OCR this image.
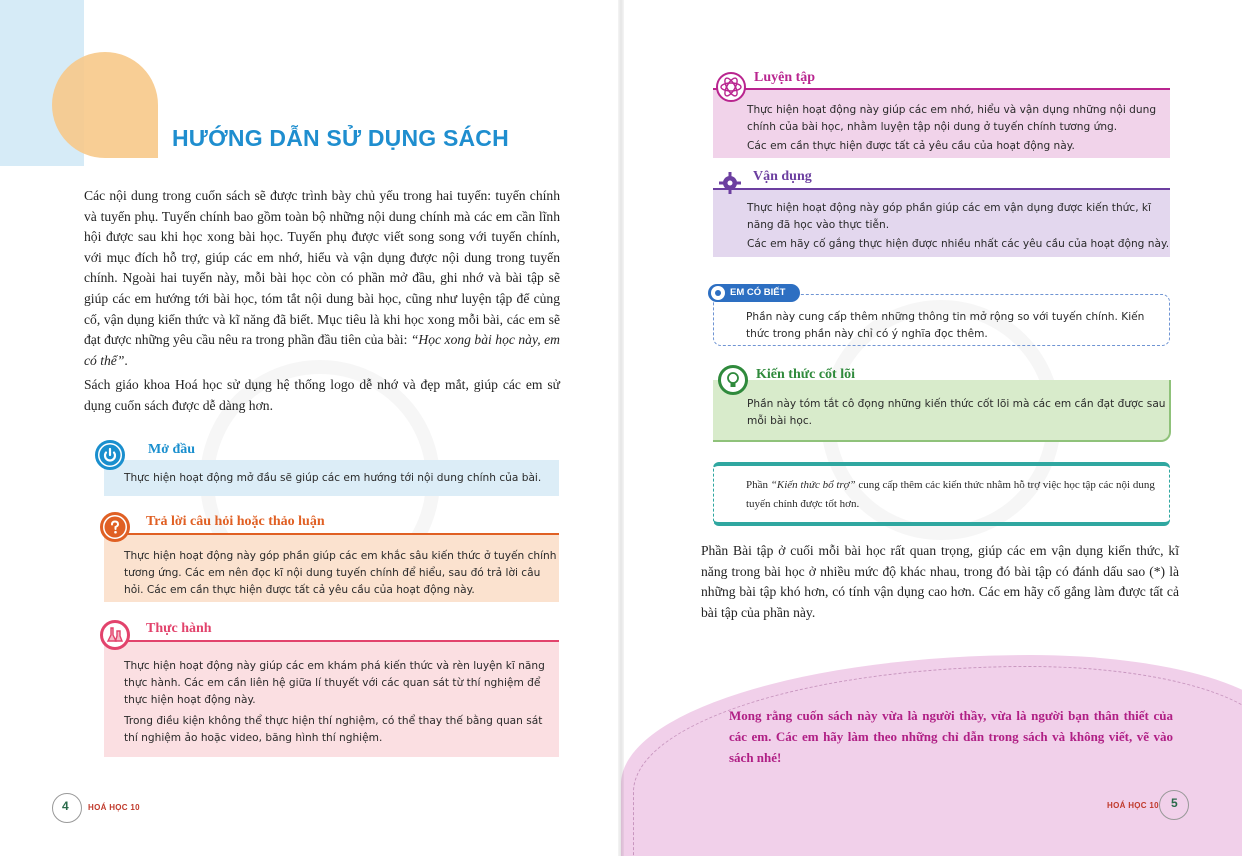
HƯỚNG DẪN SỬ DỤNG SÁCH
Các nội dung trong cuốn sách sẽ được trình bày chủ yếu trong hai tuyến: tuyến chính và tuyến phụ. Tuyến chính bao gồm toàn bộ những nội dung chính mà các em cần lĩnh hội được sau khi học xong bài học. Tuyến phụ được viết song song với tuyến chính, với mục đích hỗ trợ, giúp các em nhớ, hiểu và vận dụng được nội dung trong tuyến chính. Ngoài hai tuyến này, mỗi bài học còn có phần mở đầu, ghi nhớ và bài tập sẽ giúp các em hướng tới bài học, tóm tắt nội dung bài học, cũng như luyện tập để củng cố, vận dụng kiến thức và kĩ năng đã biết. Mục tiêu là khi học xong mỗi bài, các em sẽ đạt được những yêu cầu nêu ra trong phần đầu tiên của bài: “Học xong bài học này, em có thể”.
Sách giáo khoa Hoá học sử dụng hệ thống logo dễ nhớ và đẹp mắt, giúp các em sử dụng cuốn sách được dễ dàng hơn.

Thực hiện hoạt động mở đầu sẽ giúp các em hướng tới nội dung chính của bài.

Mở đầu

Thực hiện hoạt động này góp phần giúp các em khắc sâu kiến thức ở tuyến chính tương ứng. Các em nên đọc kĩ nội dung tuyến chính để hiểu, sau đó trả lời câu hỏi. Các em cần thực hiện được tất cả yêu cầu của hoạt động này.

Trả lời câu hỏi hoặc thảo luận

Thực hiện hoạt động này giúp các em khám phá kiến thức và rèn luyện kĩ năng thực hành. Các em cần liên hệ giữa lí thuyết với các quan sát từ thí nghiệm để thực hiện hoạt động này.

Trong điều kiện không thể thực hiện thí nghiệm, có thể thay thế bằng quan sát thí nghiệm ảo hoặc video, băng hình thí nghiệm.

Thực hành
4 HOÁ HỌC 10

Thực hiện hoạt động này giúp các em nhớ, hiểu và vận dụng những nội dung chính của bài học, nhằm luyện tập nội dung ở tuyến chính tương ứng.

Các em cần thực hiện được tất cả yêu cầu của hoạt động này.

Luyện tập

Thực hiện hoạt động này góp phần giúp các em vận dụng được kiến thức, kĩ năng đã học vào thực tiễn.

Các em hãy cố gắng thực hiện được nhiều nhất các yêu cầu của hoạt động này.

Vận dụng

Phần này cung cấp thêm những thông tin mở rộng so với tuyến chính. Kiến thức trong phần này chỉ có ý nghĩa đọc thêm.

EM CÓ BIẾT

Phần này tóm tắt cô đọng những kiến thức cốt lõi mà các em cần đạt được sau mỗi bài học.

Kiến thức cốt lõi

Phần “Kiến thức bổ trợ” cung cấp thêm các kiến thức nhằm hỗ trợ việc học tập các nội dung tuyến chính được tốt hơn.

Phần Bài tập ở cuối mỗi bài học rất quan trọng, giúp các em vận dụng kiến thức, kĩ năng trong bài học ở nhiều mức độ khác nhau, trong đó bài tập có đánh dấu sao (*) là những bài tập khó hơn, có tính vận dụng cao hơn. Các em hãy cố gắng làm được tất cả bài tập của phần này.
Mong rằng cuốn sách này vừa là người thầy, vừa là người bạn thân thiết của các em. Các em hãy làm theo những chỉ dẫn trong sách và không viết, vẽ vào sách nhé!
HOÁ HỌC 10 5
